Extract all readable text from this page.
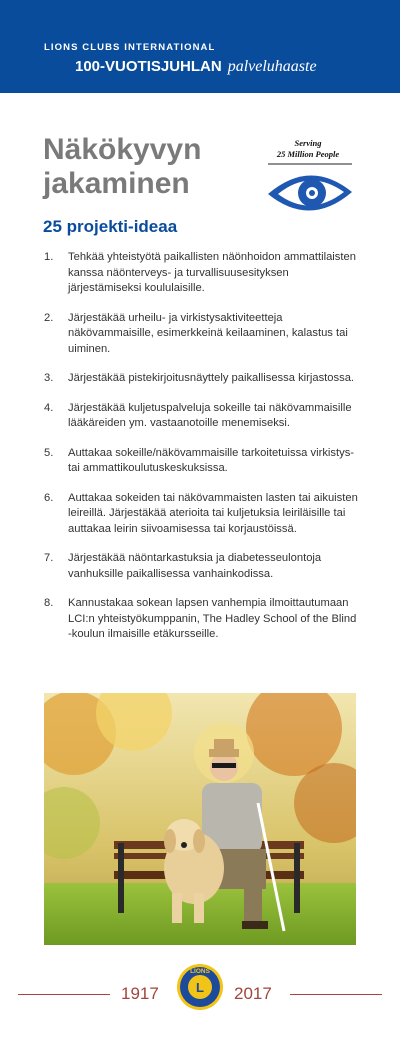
LIONS CLUBS INTERNATIONAL
100-VUOTISJUHLAN palveluhaaste
Näkökyvyn jakaminen
25 projekti-ideaa
Serving
25 Million People
1.	Tehkää yhteistyötä paikallisten näönhoidon ammattilaisten kanssa näönterveys- ja turvallisuusesityksen järjestämiseksi koululaisille.
2.	Järjestäkää urheilu- ja virkistysaktiviteetteja näkövammaisille, esimerkkeinä keilaaminen, kalastus tai uiminen.
3.	Järjestäkää pistekirjoitusnäyttely paikallisessa kirjastossa.
4.	Järjestäkää kuljetuspalveluja sokeille tai näkövammaisille lääkäreiden ym. vastaanotoille menemiseksi.
5.	Auttakaa sokeille/näkövammaisille tarkoitetuissa virkistys- tai ammattikoulutuskeskuksissa.
6.	Auttakaa sokeiden tai näkövammaisten lasten tai aikuisten leireillä. Järjestäkää aterioita tai kuljetuksia leiriläisille tai auttakaa leirin siivoamisessa tai korjaustöissä.
7.	Järjestäkää näöntarkastuksia ja diabetesseulontoja vanhuksille paikallisessa vanhainkodissa.
8.	Kannustakaa sokean lapsen vanhempia ilmoittautumaan LCI:n yhteistyökumppanin, The Hadley School of the Blind -koulun ilmaisille etäkursseille.
1917
LIONS
L 2017
